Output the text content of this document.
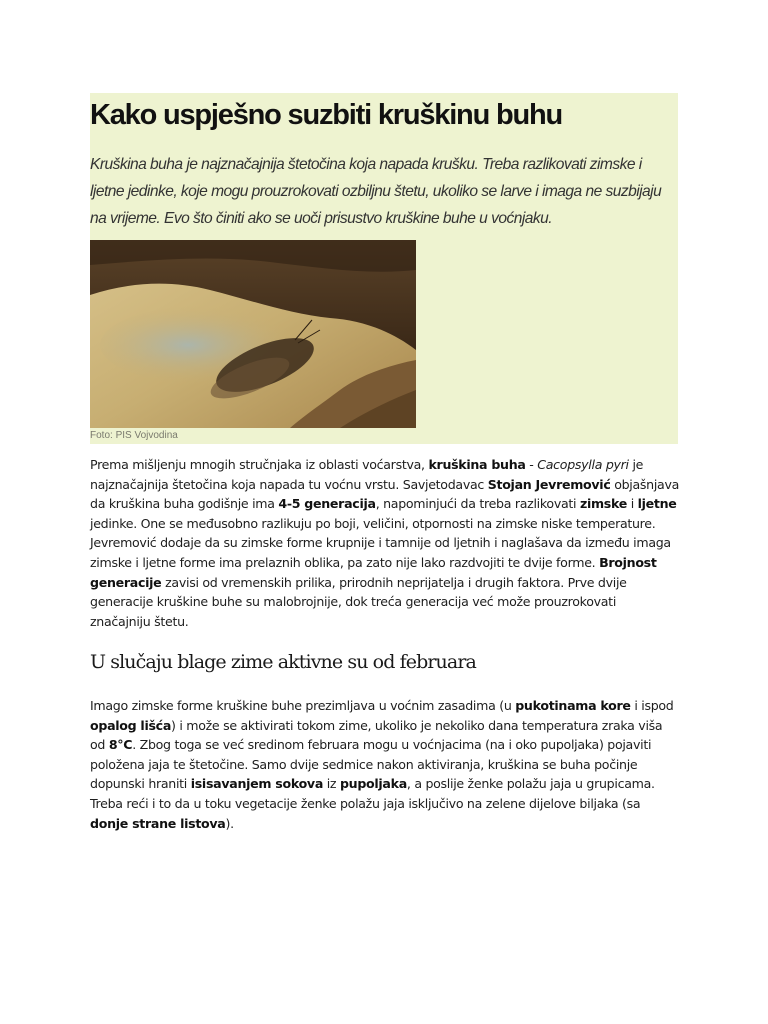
Kako uspješno suzbiti kruškinu buhu

Kruškina buha je najznačajnija štetočina koja napada krušku. Treba razlikovati zimske i ljetne jedinke, koje mogu prouzrokovati ozbiljnu štetu, ukoliko se larve i imaga ne suzbijaju na vrijeme. Evo što činiti ako se uoči prisustvo kruškine buhe u voćnjaku.

Foto: PIS Vojvodina

Prema mišljenju mnogih stručnjaka iz oblasti voćarstva, kruškina buha - Cacopsylla pyri je najznačajnija štetočina koja napada tu voćnu vrstu. Savjetodavac Stojan Jevremović objašnjava da kruškina buha godišnje ima 4-5 generacija, napominjući da treba razlikovati zimske i ljetne jedinke. One se međusobno razlikuju po boji, veličini, otpornosti na zimske niske temperature. Jevremović dodaje da su zimske forme krupnije i tamnije od ljetnih i naglašava da između imaga zimske i ljetne forme ima prelaznih oblika, pa zato nije lako razdvojiti te dvije forme. Brojnost generacije zavisi od vremenskih prilika, prirodnih neprijatelja i drugih faktora. Prve dvije generacije kruškine buhe su malobrojnije, dok treća generacija već može prouzrokovati značajniju štetu.

U slučaju blage zime aktivne su od februara

Imago zimske forme kruškine buhe prezimljava u voćnim zasadima (u pukotinama kore i ispod opalog lišća) i može se aktivirati tokom zime, ukoliko je nekoliko dana temperatura zraka viša od 8°C. Zbog toga se već sredinom februara mogu u voćnjacima (na i oko pupoljaka) pojaviti položena jaja te štetočine. Samo dvije sedmice nakon aktiviranja, kruškina se buha počinje dopunski hraniti isisavanjem sokova iz pupoljaka, a poslije ženke polažu jaja u grupicama. Treba reći i to da u toku vegetacije ženke polažu jaja isključivo na zelene dijelove biljaka (sa donje strane listova).
